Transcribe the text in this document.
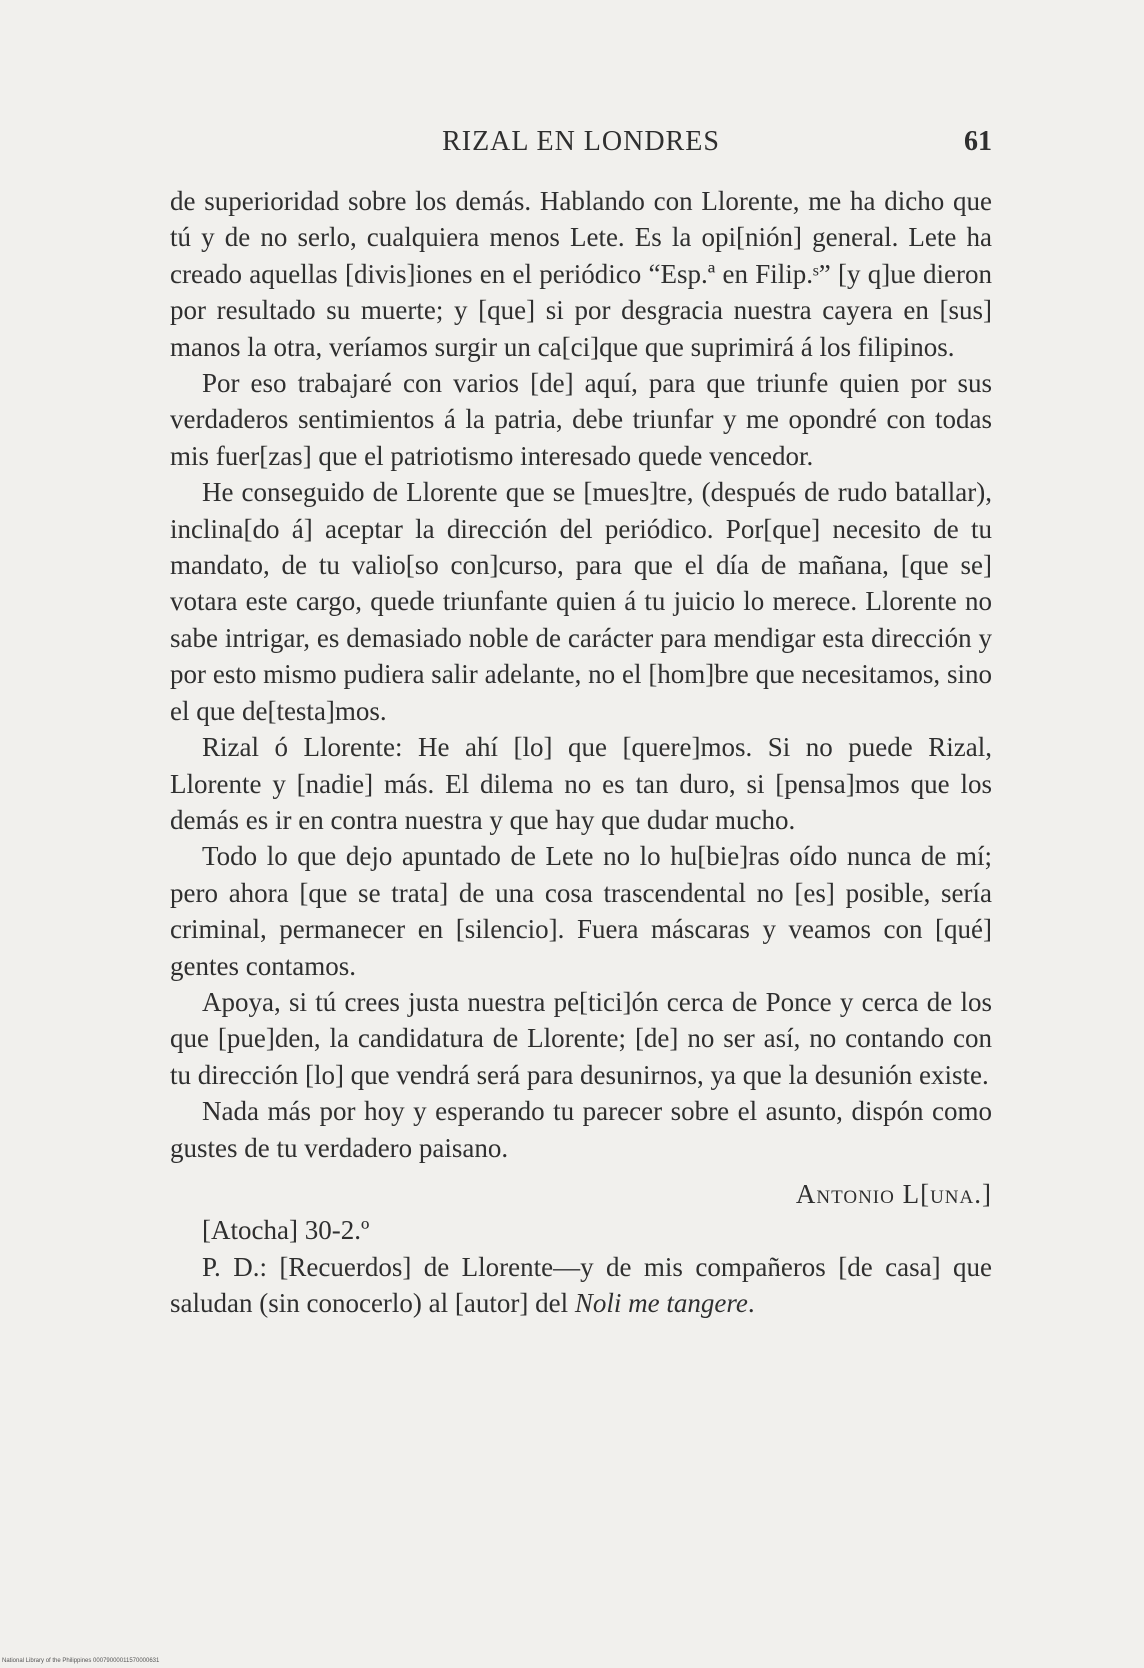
RIZAL EN LONDRES	61

de superioridad sobre los demás. Hablando con Llorente, me ha dicho que tú y de no serlo, cualquiera menos Lete. Es la opi[nión] general. Lete ha creado aquellas [divis]iones en el periódico “Esp.ª en Filip.ˢ” [y q]ue dieron por resultado su muerte; y [que] si por desgracia nuestra cayera en [sus] manos la otra, veríamos surgir un ca[ci]que que suprimirá á los filipinos.

Por eso trabajaré con varios [de] aquí, para que triunfe quien por sus verdaderos sentimientos á la patria, debe triunfar y me opondré con todas mis fuer[zas] que el patriotismo interesado quede vencedor.

He conseguido de Llorente que se [mues]tre, (después de rudo batallar), inclina[do á] aceptar la dirección del periódico. Por[que] necesito de tu mandato, de tu valio[so con]curso, para que el día de mañana, [que se] votara este cargo, quede triunfante quien á tu juicio lo merece. Llorente no sabe intrigar, es demasiado noble de carácter para mendigar esta dirección y por esto mismo pudiera salir adelante, no el [hom]bre que necesitamos, sino el que de[testa]mos.

Rizal ó Llorente: He ahí [lo] que [quere]mos. Si no puede Rizal, Llorente y [nadie] más. El dilema no es tan duro, si [pensa]mos que los demás es ir en contra nuestra y que hay que dudar mucho.

Todo lo que dejo apuntado de Lete no lo hu[bie]ras oído nunca de mí; pero ahora [que se trata] de una cosa trascendental no [es] posible, sería criminal, permanecer en [silencio]. Fuera máscaras y veamos con [qué] gentes contamos.

Apoya, si tú crees justa nuestra pe[tici]ón cerca de Ponce y cerca de los que [pue]den, la candidatura de Llorente; [de] no ser así, no contando con tu dirección [lo] que vendrá será para desunirnos, ya que la desunión existe.

Nada más por hoy y esperando tu parecer sobre el asunto, dispón como gustes de tu verdadero paisano.

Antonio L[una.]

[Atocha] 30-2.º

P. D.: [Recuerdos] de Llorente—y de mis compañeros [de casa] que saludan (sin conocerlo) al [autor] del Noli me tangere.

National Library of the Philippines 00079000011570000631
